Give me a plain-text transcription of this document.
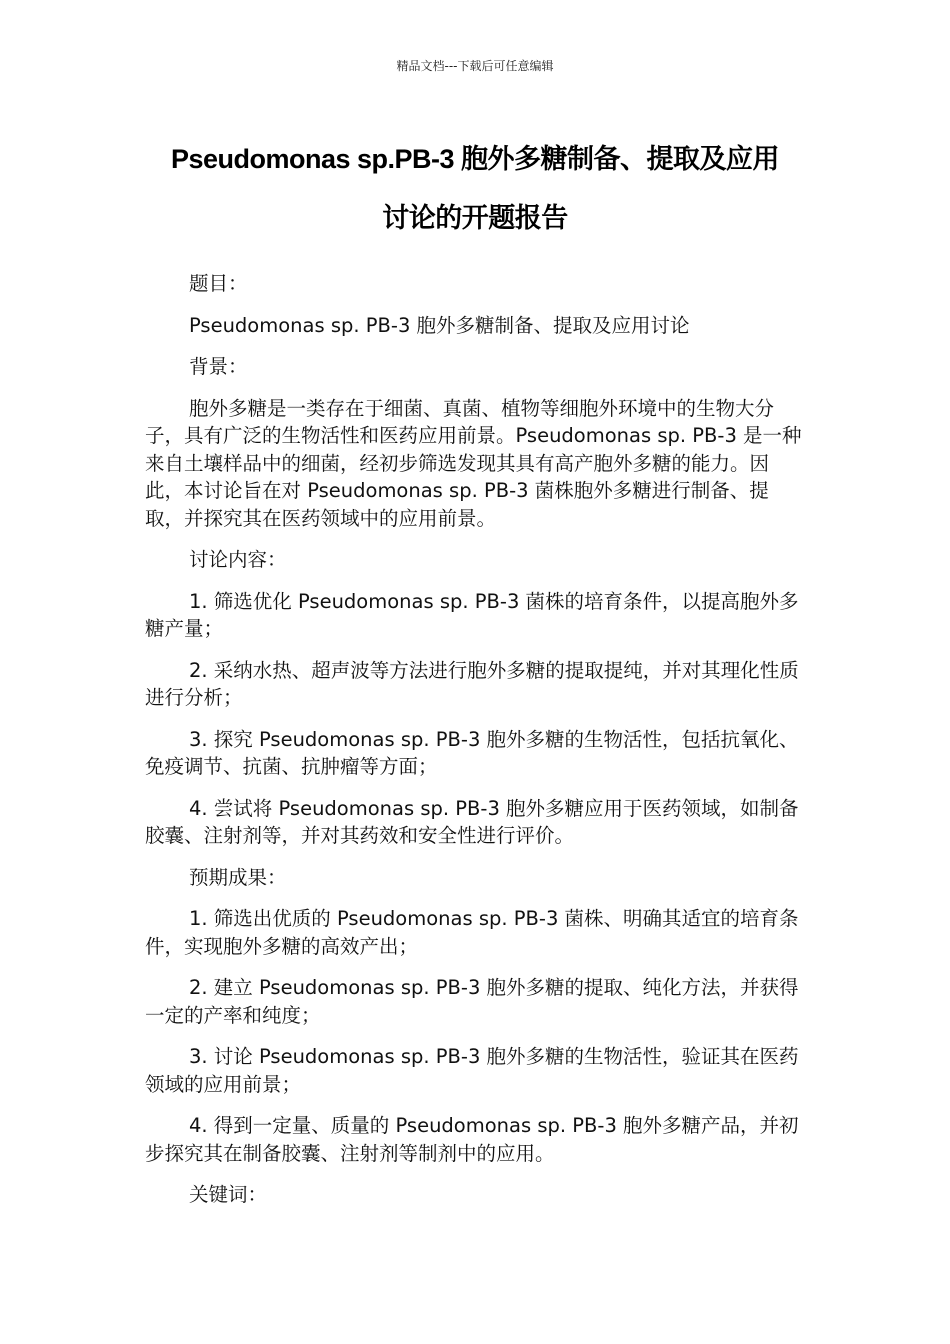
精品文档---下载后可任意编辑
Pseudomonas sp.PB-3 胞外多糖制备、提取及应用
讨论的开题报告

题目：

Pseudomonas sp. PB-3 胞外多糖制备、提取及应用讨论

背景：

胞外多糖是一类存在于细菌、真菌、植物等细胞外环境中的生物大分子，具有广泛的生物活性和医药应用前景。Pseudomonas sp. PB-3 是一种来自土壤样品中的细菌，经初步筛选发现其具有高产胞外多糖的能力。因此，本讨论旨在对 Pseudomonas sp. PB-3 菌株胞外多糖进行制备、提取，并探究其在医药领域中的应用前景。

讨论内容：

1. 筛选优化 Pseudomonas sp. PB-3 菌株的培育条件，以提高胞外多糖产量；

2. 采纳水热、超声波等方法进行胞外多糖的提取提纯，并对其理化性质进行分析；

3. 探究 Pseudomonas sp. PB-3 胞外多糖的生物活性，包括抗氧化、免疫调节、抗菌、抗肿瘤等方面；

4. 尝试将 Pseudomonas sp. PB-3 胞外多糖应用于医药领域，如制备胶囊、注射剂等，并对其药效和安全性进行评价。

预期成果：

1. 筛选出优质的 Pseudomonas sp. PB-3 菌株、明确其适宜的培育条件，实现胞外多糖的高效产出；

2. 建立 Pseudomonas sp. PB-3 胞外多糖的提取、纯化方法，并获得一定的产率和纯度；

3. 讨论 Pseudomonas sp. PB-3 胞外多糖的生物活性，验证其在医药领域的应用前景；

4. 得到一定量、质量的 Pseudomonas sp. PB-3 胞外多糖产品，并初步探究其在制备胶囊、注射剂等制剂中的应用。

关键词：
